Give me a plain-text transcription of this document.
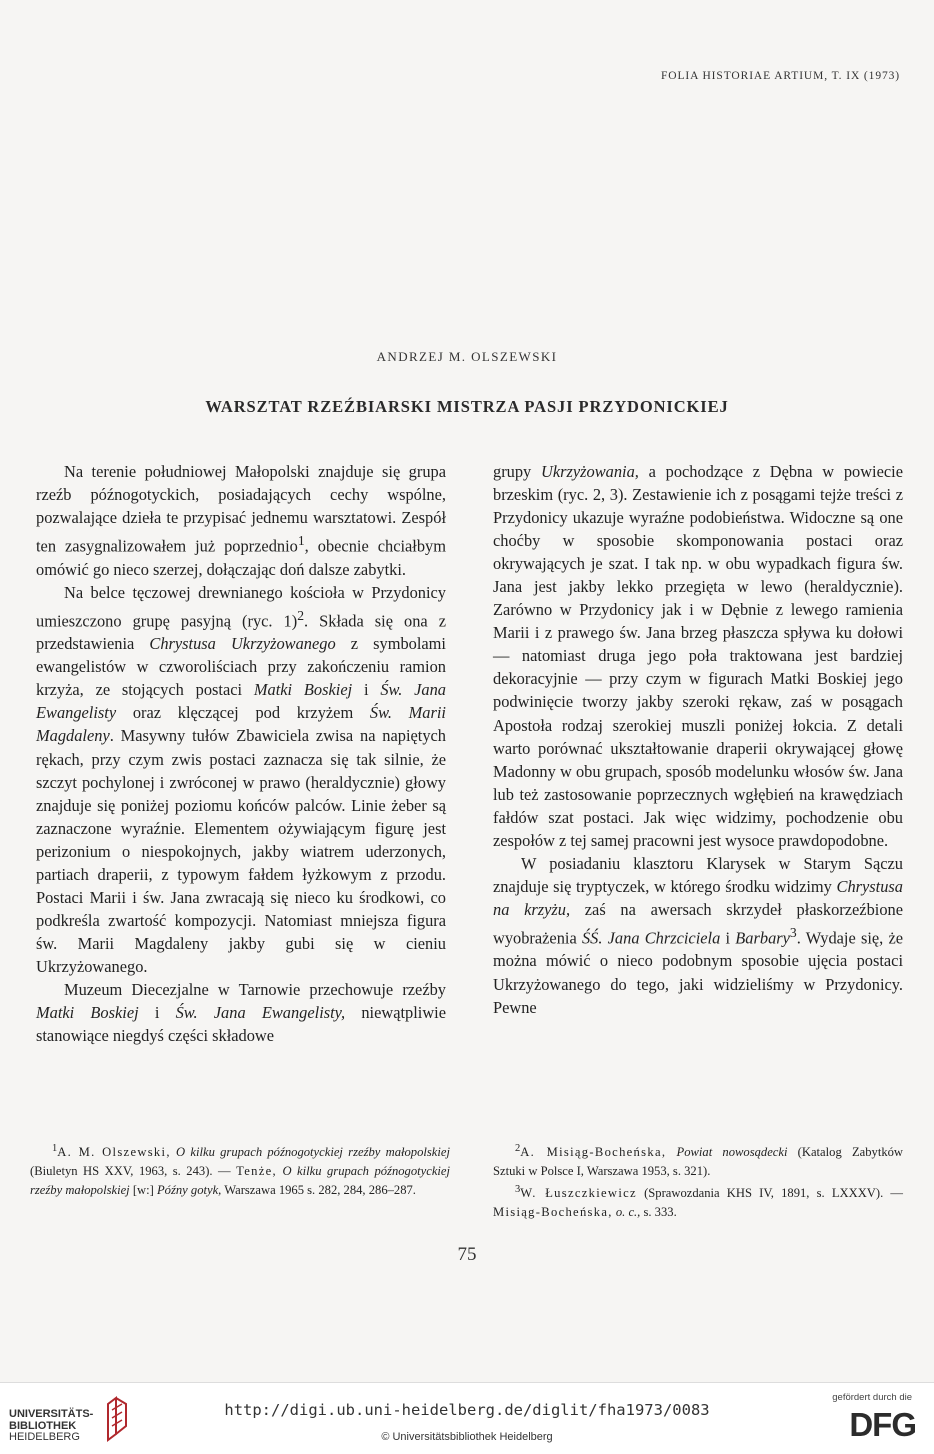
FOLIA HISTORIAE ARTIUM, T. IX (1973)
ANDRZEJ M. OLSZEWSKI
WARSZTAT RZEŹBIARSKI MISTRZA PASJI PRZYDONICKIEJ

Na terenie południowej Małopolski znajduje się grupa rzeźb późnogotyckich, posiadających cechy wspólne, pozwalające dzieła te przypisać jednemu warsztatowi. Zespół ten zasygnalizowałem już poprzednio$^1$, obecnie chciałbym omówić go nieco szerzej, dołączając doń dalsze zabytki.

Na belce tęczowej drewnianego kościoła w Przydonicy umieszczono grupę pasyjną (ryc. 1)$^2$. Składa się ona z przedstawienia Chrystusa Ukrzyżowanego z symbolami ewangelistów w czworoliściach przy zakończeniu ramion krzyża, ze stojących postaci Matki Boskiej i Św. Jana Ewangelisty oraz klęczącej pod krzyżem Św. Marii Magdaleny. Masywny tułów Zbawiciela zwisa na napiętych rękach, przy czym zwis postaci zaznacza się tak silnie, że szczyt pochylonej i zwróconej w prawo (heraldycznie) głowy znajduje się poniżej poziomu końców palców. Linie żeber są zaznaczone wyraźnie. Elementem ożywiającym figurę jest perizonium o niespokojnych, jakby wiatrem uderzonych, partiach draperii, z typowym fałdem łyżkowym z przodu. Postaci Marii i św. Jana zwracają się nieco ku środkowi, co podkreśla zwartość kompozycji. Natomiast mniejsza figura św. Marii Magdaleny jakby gubi się w cieniu Ukrzyżowanego.

Muzeum Diecezjalne w Tarnowie przechowuje rzeźby Matki Boskiej i Św. Jana Ewangelisty, niewątpliwie stanowiące niegdyś części składowe

grupy Ukrzyżowania, a pochodzące z Dębna w powiecie brzeskim (ryc. 2, 3). Zestawienie ich z posągami tejże treści z Przydonicy ukazuje wyraźne podobieństwa. Widoczne są one choćby w sposobie skomponowania postaci oraz okrywających je szat. I tak np. w obu wypadkach figura św. Jana jest jakby lekko przegięta w lewo (heraldycznie). Zarówno w Przydonicy jak i w Dębnie z lewego ramienia Marii i z prawego św. Jana brzeg płaszcza spływa ku dołowi — natomiast druga jego poła traktowana jest bardziej dekoracyjnie — przy czym w figurach Matki Boskiej jego podwinięcie tworzy jakby szeroki rękaw, zaś w posągach Apostoła rodzaj szerokiej muszli poniżej łokcia. Z detali warto porównać ukształtowanie draperii okrywającej głowę Madonny w obu grupach, sposób modelunku włosów św. Jana lub też zastosowanie poprzecznych wgłębień na krawędziach fałdów szat postaci. Jak więc widzimy, pochodzenie obu zespołów z tej samej pracowni jest wysoce prawdopodobne.

W posiadaniu klasztoru Klarysek w Starym Sączu znajduje się tryptyczek, w którego środku widzimy Chrystusa na krzyżu, zaś na awersach skrzydeł płaskorzeźbione wyobrażenia ŚŚ. Jana Chrzciciela i Barbary$^3$. Wydaje się, że można mówić o nieco podobnym sposobie ujęcia postaci Ukrzyżowanego do tego, jaki widzieliśmy w Przydonicy. Pewne

$^1$A. M. Olszewski, O kilku grupach późnogotyckiej rzeźby małopolskiej (Biuletyn HS XXV, 1963, s. 243). — Tenże, O kilku grupach późnogotyckiej rzeźby małopolskiej [w:] Późny gotyk, Warszawa 1965 s. 282, 284, 286–287.

$^2$A. Misiąg-Bocheńska, Powiat nowosądecki (Katalog Zabytków Sztuki w Polsce I, Warszawa 1953, s. 321).

$^3$W. Łuszczkiewicz (Sprawozdania KHS IV, 1891, s. LXXXV). — Misiąg-Bocheńska, o. c., s. 333.

75
UNIVERSITÄTS-
BIBLIOTHEK
HEIDELBERG
http://digi.ub.uni-heidelberg.de/diglit/fha1973/0083
© Universitätsbibliothek Heidelberg
gefördert durch die
DFG
